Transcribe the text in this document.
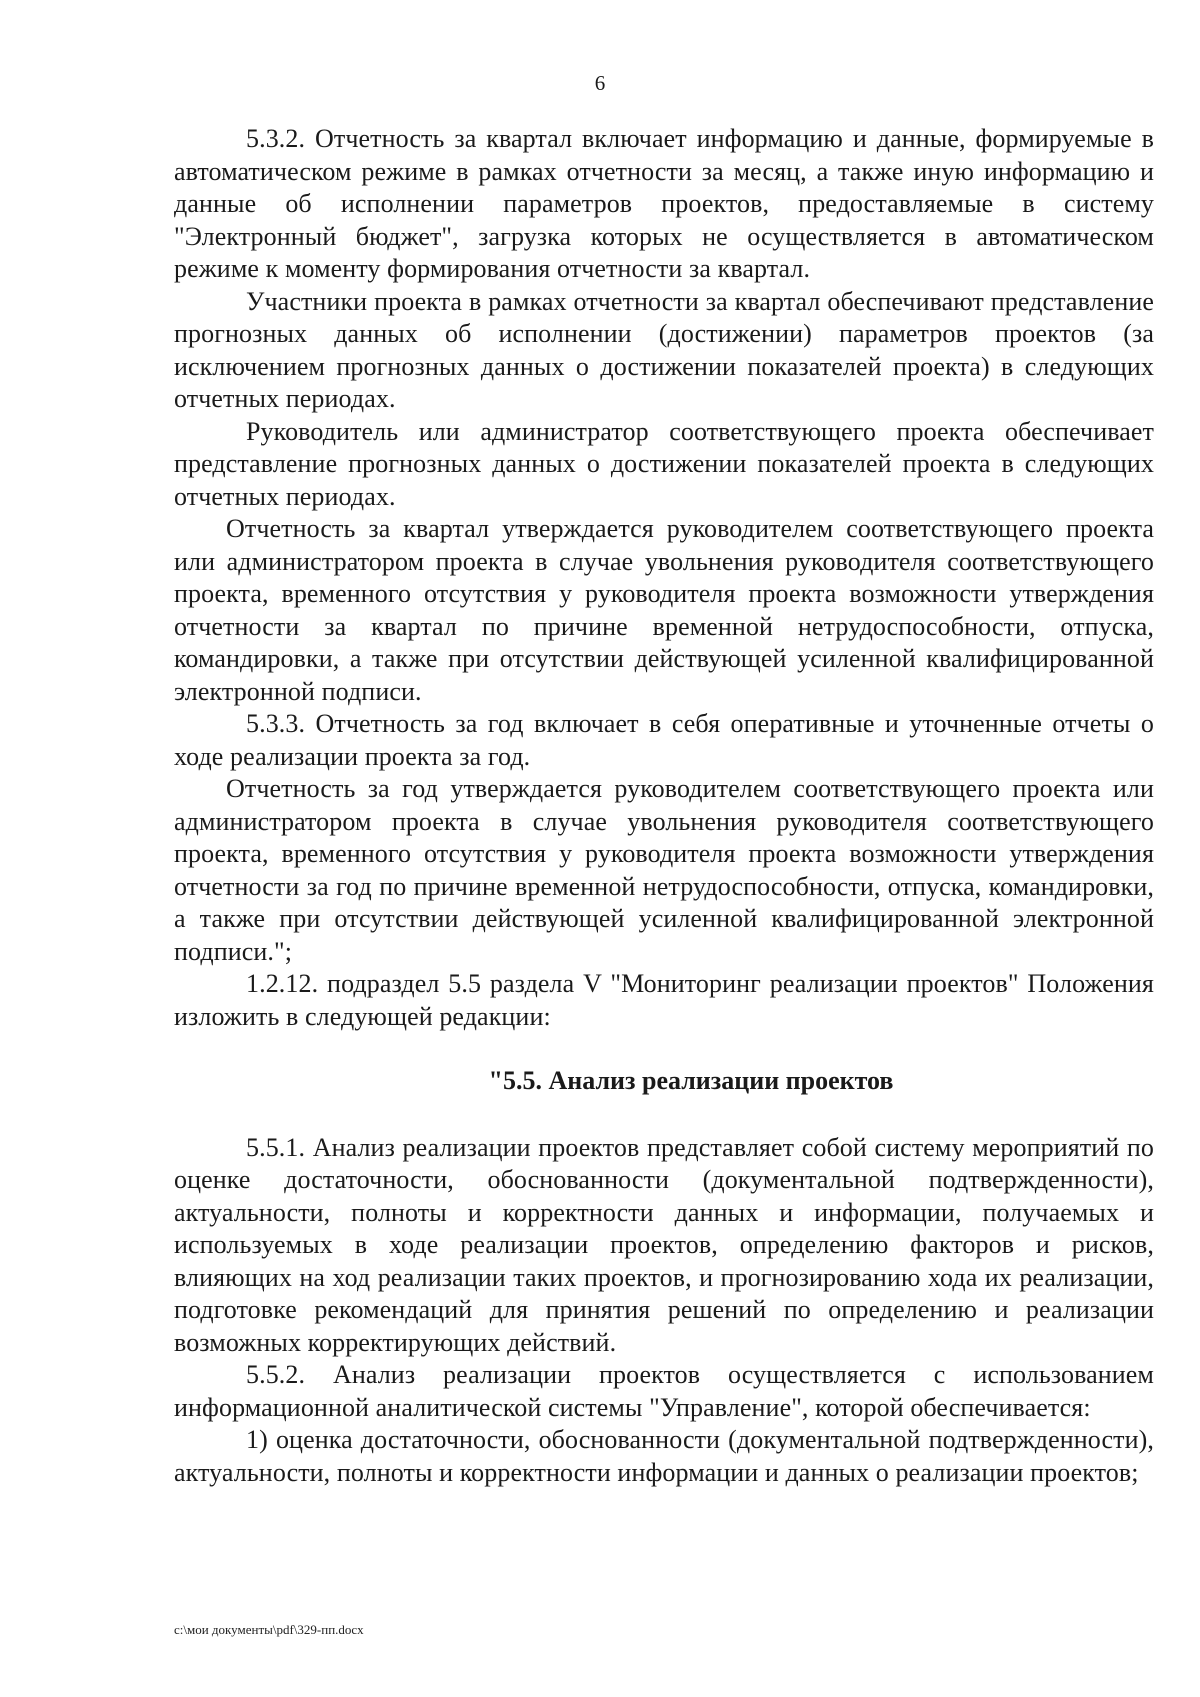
6

5.3.2. Отчетность за квартал включает информацию и данные, формируемые в автоматическом режиме в рамках отчетности за месяц, а также иную информацию и данные об исполнении параметров проектов, предоставляемые в систему "Электронный бюджет", загрузка которых не осуществляется в автоматическом режиме к моменту формирования отчетности за квартал.

Участники проекта в рамках отчетности за квартал обеспечивают представление прогнозных данных об исполнении (достижении) параметров проектов (за исключением прогнозных данных о достижении показателей проекта) в следующих отчетных периодах.

Руководитель или администратор соответствующего проекта обеспечивает представление прогнозных данных о достижении показателей проекта в следующих отчетных периодах.

Отчетность за квартал утверждается руководителем соответствующего проекта или администратором проекта в случае увольнения руководителя соответствующего проекта, временного отсутствия у руководителя проекта возможности утверждения отчетности за квартал по причине временной нетрудоспособности, отпуска, командировки, а также при отсутствии действующей усиленной квалифицированной электронной подписи.

5.3.3. Отчетность за год включает в себя оперативные и уточненные отчеты о ходе реализации проекта за год.

Отчетность за год утверждается руководителем соответствующего проекта или администратором проекта в случае увольнения руководителя соответствующего проекта, временного отсутствия у руководителя проекта возможности утверждения отчетности за год по причине временной нетрудоспособности, отпуска, командировки, а также при отсутствии действующей усиленной квалифицированной электронной подписи.";

1.2.12. подраздел 5.5 раздела V "Мониторинг реализации проектов" Положения изложить в следующей редакции:

"5.5. Анализ реализации проектов

5.5.1. Анализ реализации проектов представляет собой систему мероприятий по оценке достаточности, обоснованности (документальной подтвержденности), актуальности, полноты и корректности данных и информации, получаемых и используемых в ходе реализации проектов, определению факторов и рисков, влияющих на ход реализации таких проектов, и прогнозированию хода их реализации, подготовке рекомендаций для принятия решений по определению и реализации возможных корректирующих действий.

5.5.2. Анализ реализации проектов осуществляется с использованием информационной аналитической системы "Управление", которой обеспечивается:

1) оценка достаточности, обоснованности (документальной подтвержденности), актуальности, полноты и корректности информации и данных о реализации проектов;

c:\мои документы\pdf\329-пп.docx
